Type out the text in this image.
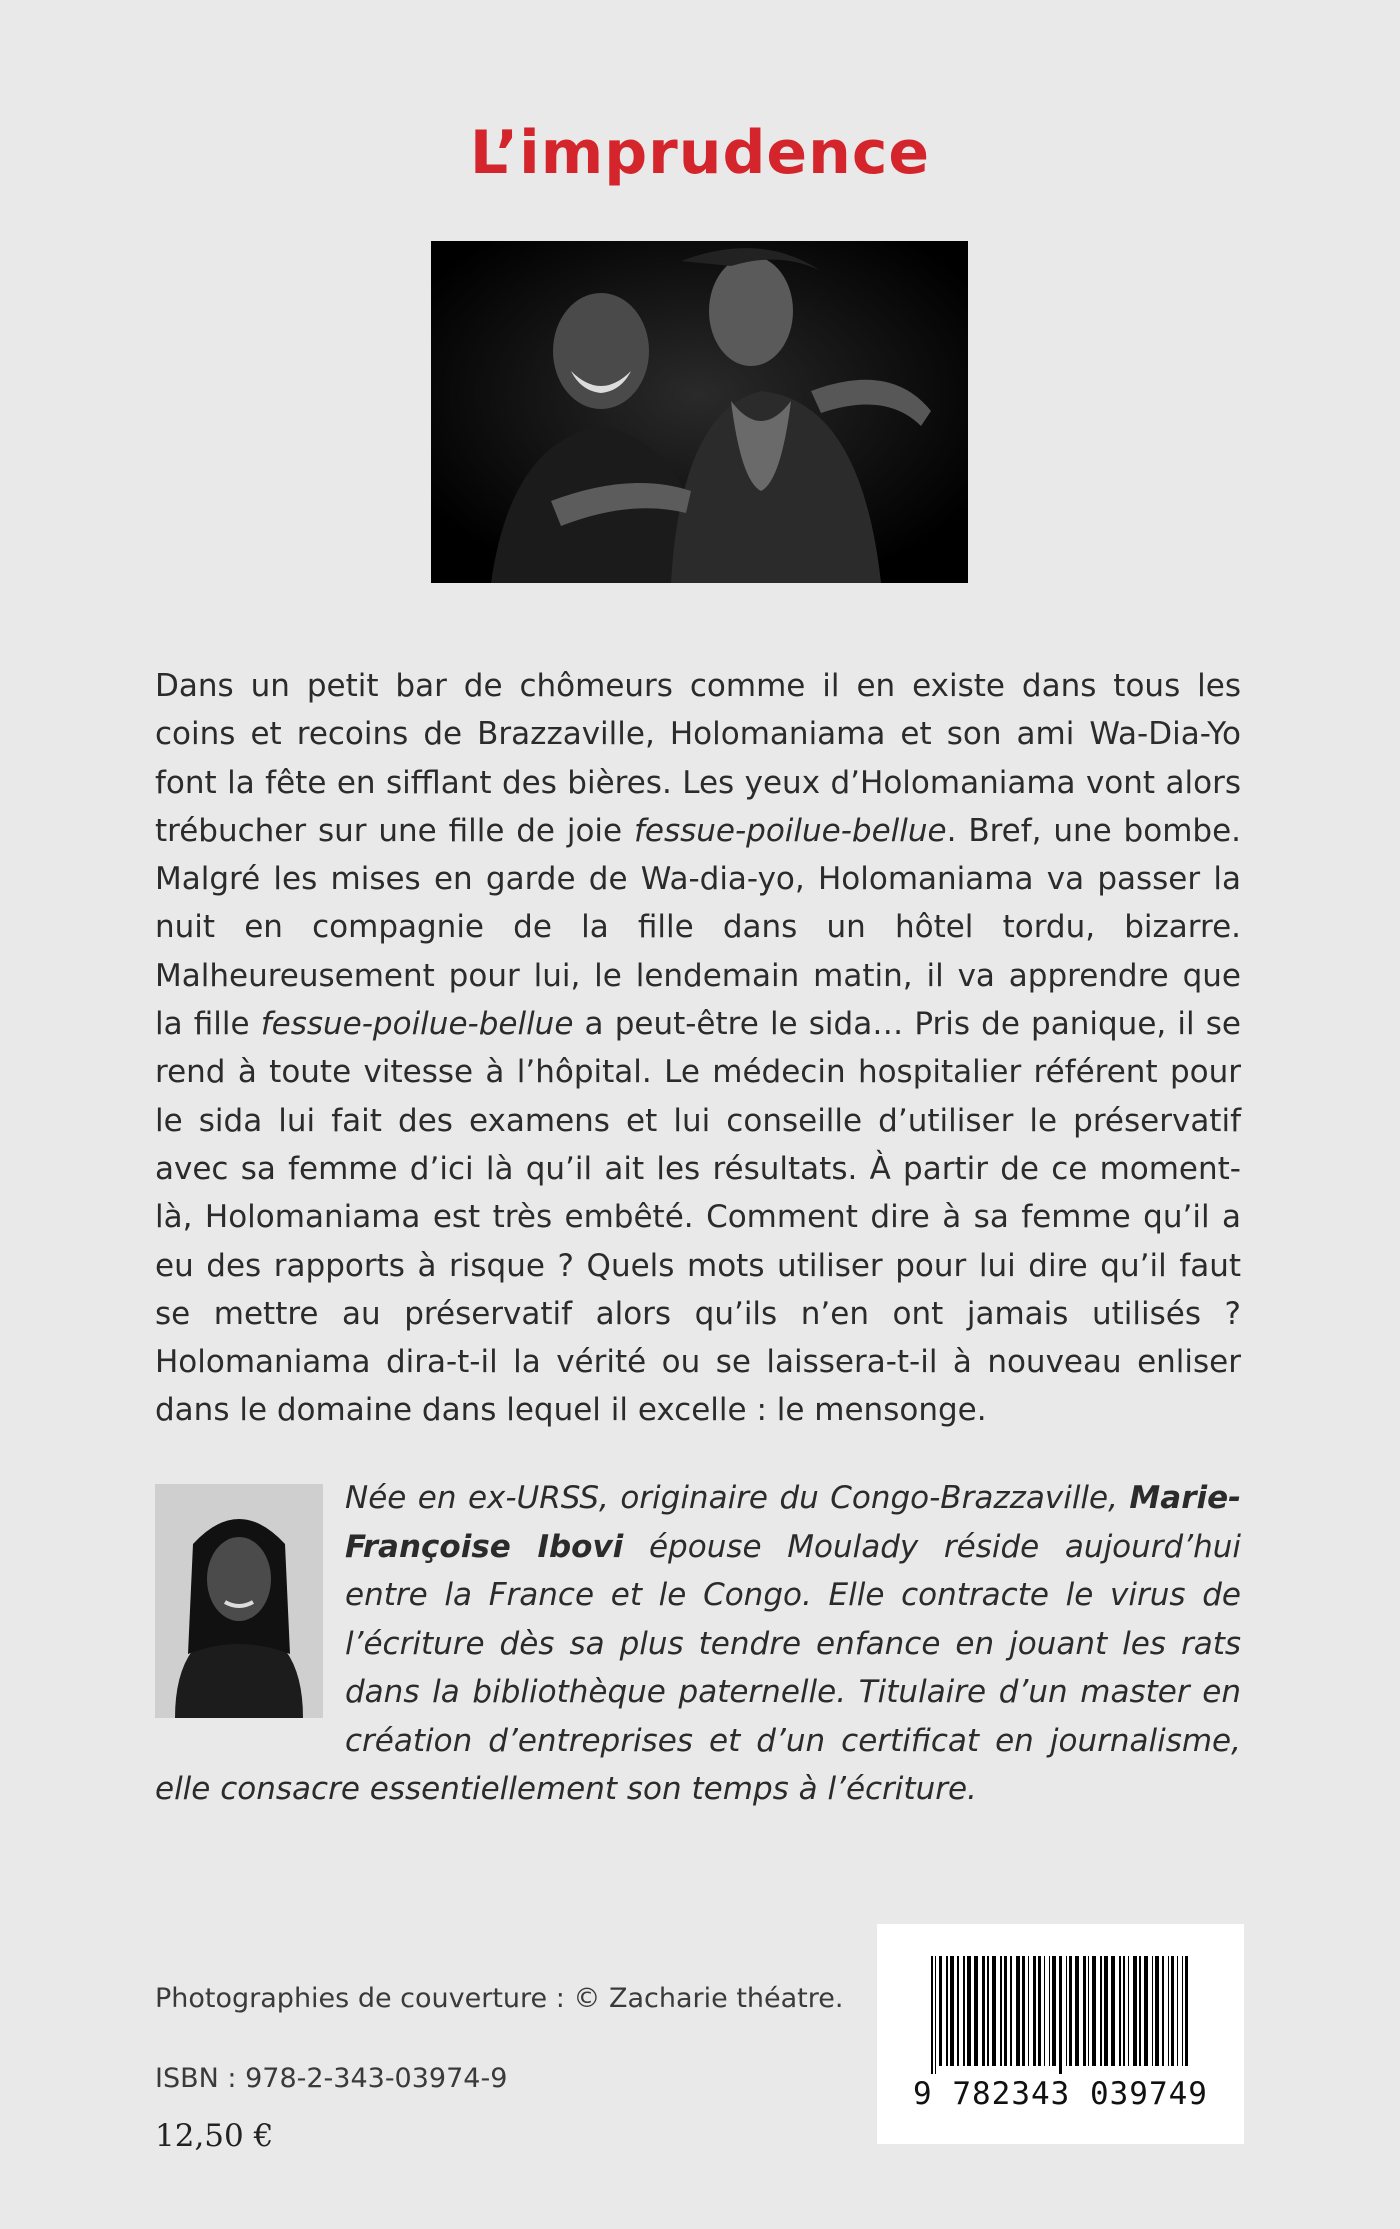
L’imprudence

Dans un petit bar de chômeurs comme il en existe dans tous les coins et recoins de Brazzaville, Holomaniama et son ami Wa-Dia-Yo font la fête en sifflant des bières. Les yeux d’Holomaniama vont alors trébucher sur une fille de joie fessue-poilue-bellue. Bref, une bombe. Malgré les mises en garde de Wa-dia-yo, Holomaniama va passer la nuit en compagnie de la fille dans un hôtel tordu, bizarre. Malheureusement pour lui, le lendemain matin, il va apprendre que la fille fessue-poilue-bellue a peut-être le sida… Pris de panique, il se rend à toute vitesse à l’hôpital. Le médecin hospitalier référent pour le sida lui fait des examens et lui conseille d’utiliser le préservatif avec sa femme d’ici là qu’il ait les résultats. À partir de ce moment-là, Holomaniama est très embêté. Comment dire à sa femme qu’il a eu des rapports à risque ? Quels mots utiliser pour lui dire qu’il faut se mettre au préservatif alors qu’ils n’en ont jamais utilisés ? Holomaniama dira-t-il la vérité ou se laissera-t-il à nouveau enliser dans le domaine dans lequel il excelle : le mensonge.

Née en ex-URSS, originaire du Congo-Brazzaville, Marie-Françoise Ibovi épouse Moulady réside aujourd’hui entre la France et le Congo. Elle contracte le virus de l’écriture dès sa plus tendre enfance en jouant les rats dans la bibliothèque paternelle. Titulaire d’un master en création d’entreprises et d’un certificat en journalisme, elle consacre essentiellement son temps à l’écriture.

Photographies de couverture : © Zacharie théatre.

ISBN : 978-2-343-03974-9

12,50 €

9 782343 039749
